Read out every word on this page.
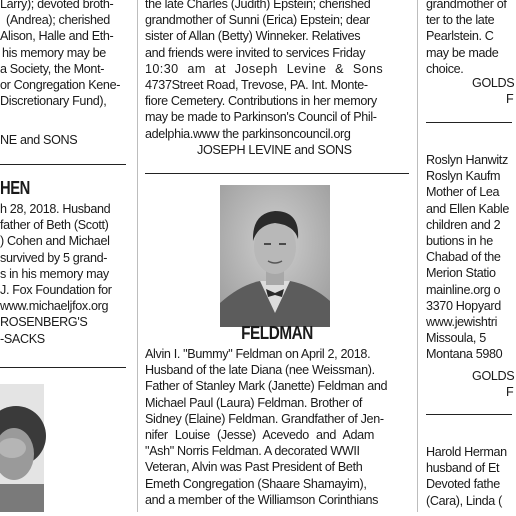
Larry); devoted broth-
(Andrea); cherished
Alison, Halle and Eth-
his memory may be
a Society, the Mont-
or Congregation Kene-
Discretionary Fund),
NE and SONS
HEN
h 28, 2018. Husband
father of Beth (Scott)
) Cohen and Michael
survived by 5 grand-
s in his memory may
J. Fox Foundation for
www.michaeljfox.org
ROSENBERG'S
-SACKS
the late Charles (Judith) Epstein; cherished
grandmother of Sunni (Erica) Epstein; dear
sister of Allan (Betty) Winneker. Relatives
and friends were invited to services Friday
10:30 am at Joseph Levine & Sons
4737Street Road, Trevose, PA. Int. Monte-
fiore Cemetery. Contributions in her memory
may be made to Parkinson's Council of Phil-
adelphia.www the parkinsoncouncil.org
JOSEPH LEVINE and SONS
FELDMAN
Alvin I. "Bummy" Feldman on April 2, 2018.
Husband of the late Diana (nee Weissman).
Father of Stanley Mark (Janette) Feldman and
Michael Paul (Laura) Feldman. Brother of
Sidney (Elaine) Feldman. Grandfather of Jen-
nifer Louise (Jesse) Acevedo and Adam
"Ash" Norris Feldman. A decorated WWII
Veteran, Alvin was Past President of Beth
Emeth Congregation (Shaare Shamayim),
and a member of the Williamson Corinthians
grandmother of
ter to the late
Pearlstein. C
may be made
choice.
GOLDS
F
Roslyn Hanwitz
Roslyn Kaufm
Mother of Lea
and Ellen Kable
children and 2
butions in he
Chabad of the
Merion Statio
mainline.org o
3370 Hopyard
www.jewishtri
Missoula, 5
Montana 5980
GOLDS
F
Harold Herman
husband of Et
Devoted fathe
(Cara), Linda (
